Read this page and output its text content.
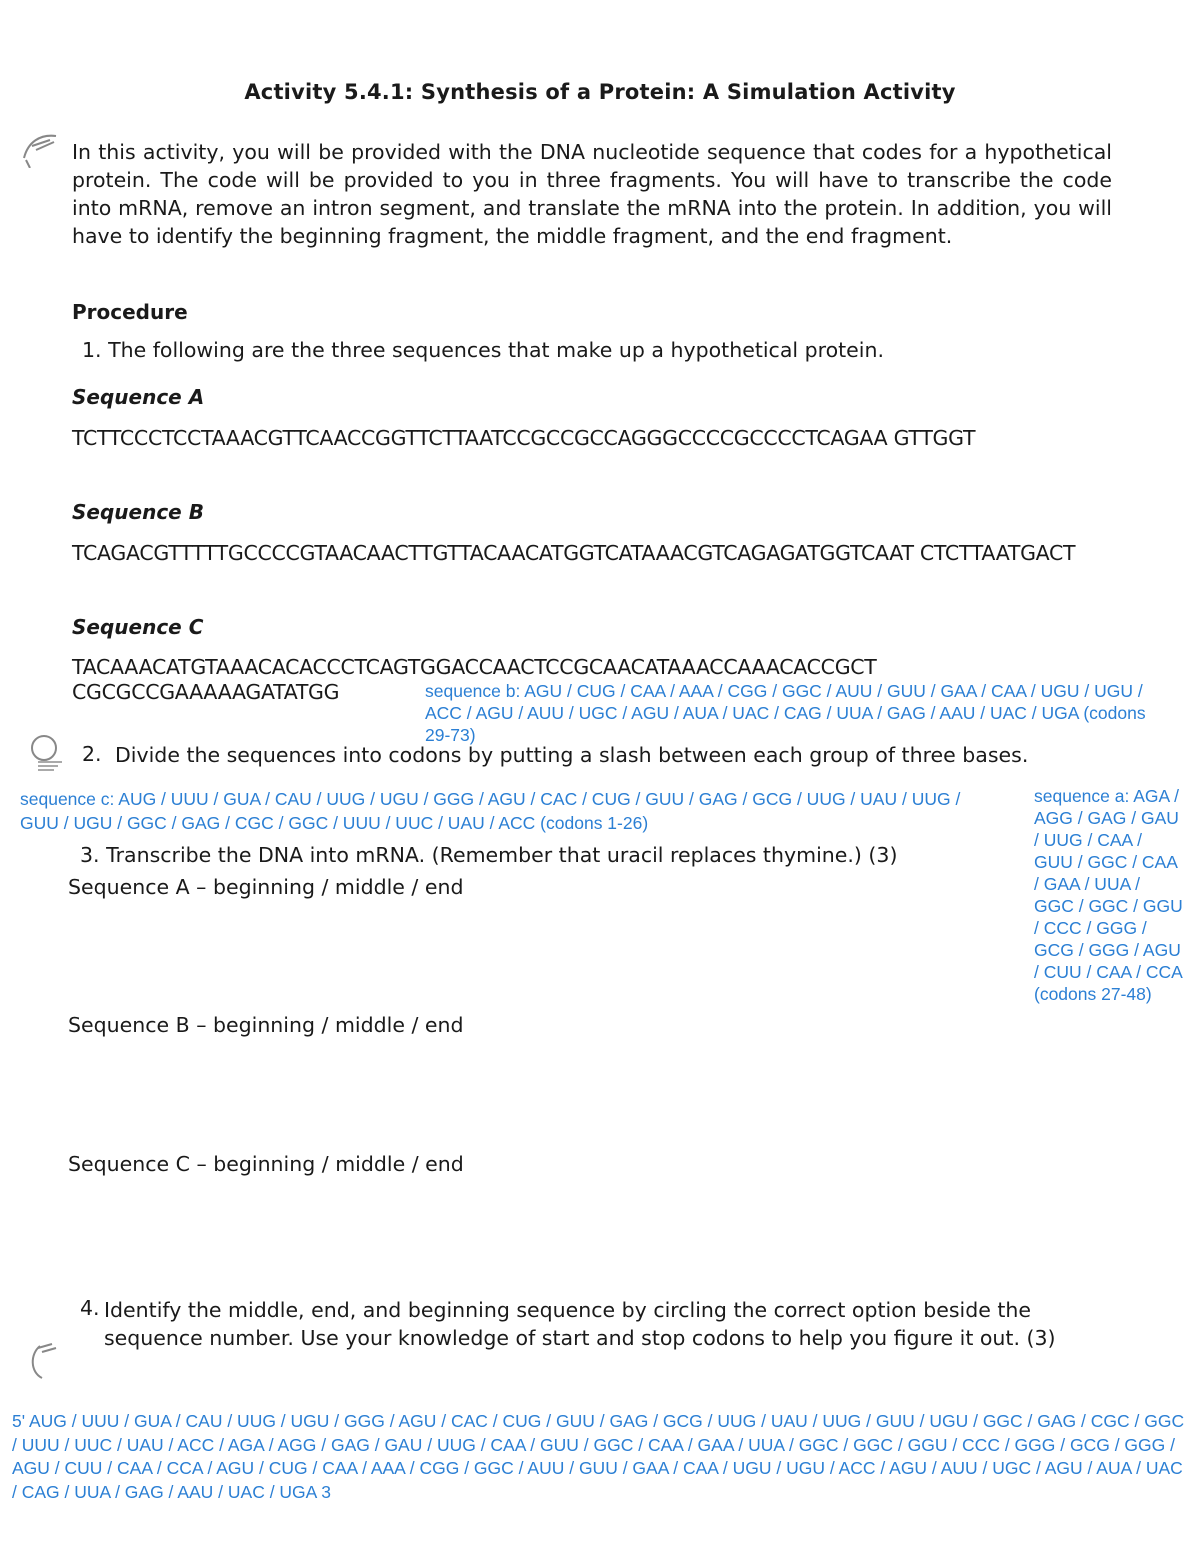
Activity 5.4.1: Synthesis of a Protein: A Simulation Activity
In this activity, you will be provided with the DNA nucleotide sequence that codes for a hypothetical protein. The code will be provided to you in three fragments. You will have to transcribe the code into mRNA, remove an intron segment, and translate the mRNA into the protein. In addition, you will have to identify the beginning fragment, the middle fragment, and the end fragment.
Procedure
1. The following are the three sequences that make up a hypothetical protein.
Sequence A
TCTTCCCTCCTAAACGTTCAACCGGTTCTTAATCCGCCGCCAGGGCCCCGCCCCTCAGAA GTTGGT
Sequence B
TCAGACGTTTTTGCCCCGTAACAACTTGTTACAACATGGTCATAAACGTCAGAGATGGTCAAT CTCTTAATGACT
Sequence C
TACAAACATGTAAACACACCCTCAGTGGACCAACTCCGCAACATAAACCAAACACCGCT
CGCGCCGAAAAAGATATGG	sequence b: AGU / CUG / CAA / AAA / CGG / GGC / AUU / GUU / GAA / CAA / UGU / UGU / ACC / AGU / AUU / UGC / AGU / AUA / UAC / CAG / UUA / GAG / AAU / UAC / UGA (codons 29-73)
2. Divide the sequences into codons by putting a slash between each group of three bases.
sequence c: AUG / UUU / GUA / CAU / UUG / UGU / GGG / AGU / CAC / CUG / GUU / GAG / GCG / UUG / UAU / UUG /
GUU / UGU / GGC / GAG / CGC / GGC / UUU / UUC / UAU / ACC (codons 1-26)
sequence a: AGA / AGG / GAG / GAU / UUG / CAA / GUU / GGC / CAA / GAA / UUA / GGC / GGC / GGU / CCC / GGG / GCG / GGG / AGU / CUU / CAA / CCA (codons 27-48)
3. Transcribe the DNA into mRNA. (Remember that uracil replaces thymine.) (3)
Sequence A – beginning / middle / end
Sequence B – beginning / middle / end
Sequence C – beginning / middle / end
4. Identify the middle, end, and beginning sequence by circling the correct option beside the sequence number. Use your knowledge of start and stop codons to help you figure it out. (3)
5' AUG / UUU / GUA / CAU / UUG / UGU / GGG / AGU / CAC / CUG / GUU / GAG / GCG / UUG / UAU / UUG / GUU / UGU / GGC / GAG / CGC / GGC / UUU / UUC / UAU / ACC / AGA / AGG / GAG / GAU / UUG / CAA / GUU / GGC / CAA / GAA / UUA / GGC / GGC / GGU / CCC / GGG / GCG / GGG / AGU / CUU / CAA / CCA / AGU / CUG / CAA / AAA / CGG / GGC / AUU / GUU / GAA / CAA / UGU / UGU / ACC / AGU / AUU / UGC / AGU / AUA / UAC / CAG / UUA / GAG / AAU / UAC / UGA 3
